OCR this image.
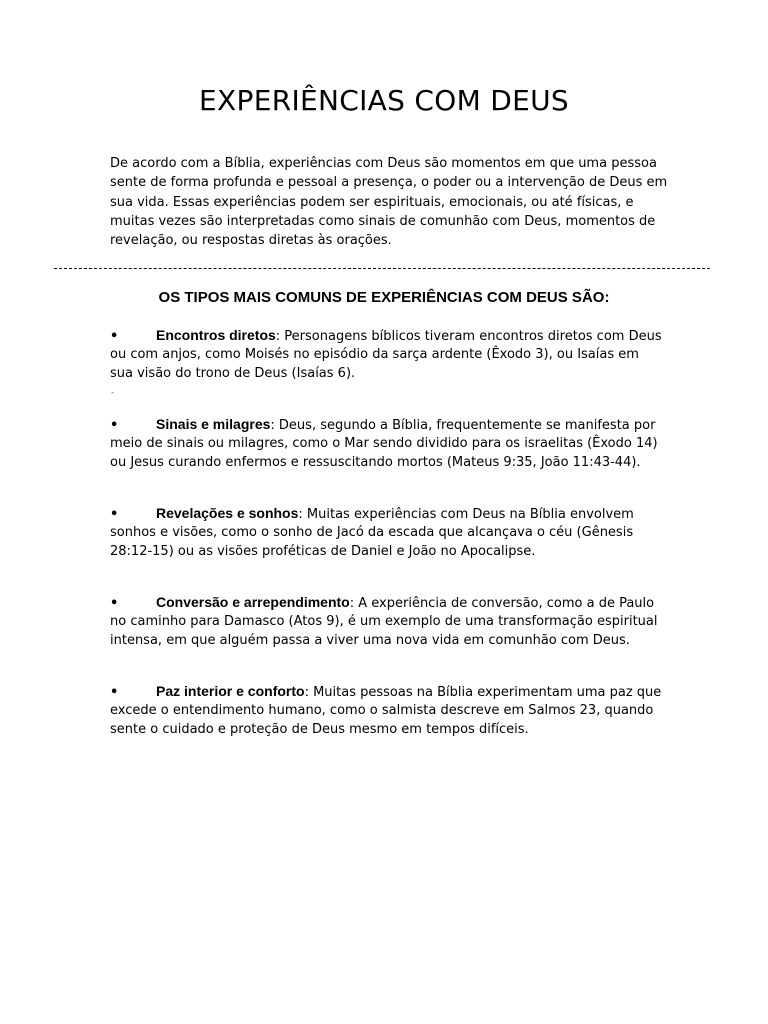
EXPERIÊNCIAS COM DEUS

De acordo com a Bíblia, experiências com Deus são momentos em que uma pessoa sente de forma profunda e pessoal a presença, o poder ou a intervenção de Deus em sua vida. Essas experiências podem ser espirituais, emocionais, ou até físicas, e muitas vezes são interpretadas como sinais de comunhão com Deus, momentos de revelação, ou respostas diretas às orações.

OS TIPOS MAIS COMUNS DE EXPERIÊNCIAS COM DEUS SÃO:
•	Encontros diretos: Personagens bíblicos tiveram encontros diretos com Deus ou com anjos, como Moisés no episódio da sarça ardente (Êxodo 3), ou Isaías em sua visão do trono de Deus (Isaías 6).
-
•	Sinais e milagres: Deus, segundo a Bíblia, frequentemente se manifesta por meio de sinais ou milagres, como o Mar sendo dividido para os israelitas (Êxodo 14) ou Jesus curando enfermos e ressuscitando mortos (Mateus 9:35, João 11:43-44).
•	Revelações e sonhos: Muitas experiências com Deus na Bíblia envolvem sonhos e visões, como o sonho de Jacó da escada que alcançava o céu (Gênesis 28:12-15) ou as visões proféticas de Daniel e João no Apocalipse.
•	Conversão e arrependimento: A experiência de conversão, como a de Paulo no caminho para Damasco (Atos 9), é um exemplo de uma transformação espiritual intensa, em que alguém passa a viver uma nova vida em comunhão com Deus.
•	Paz interior e conforto: Muitas pessoas na Bíblia experimentam uma paz que excede o entendimento humano, como o salmista descreve em Salmos 23, quando sente o cuidado e proteção de Deus mesmo em tempos difíceis.
